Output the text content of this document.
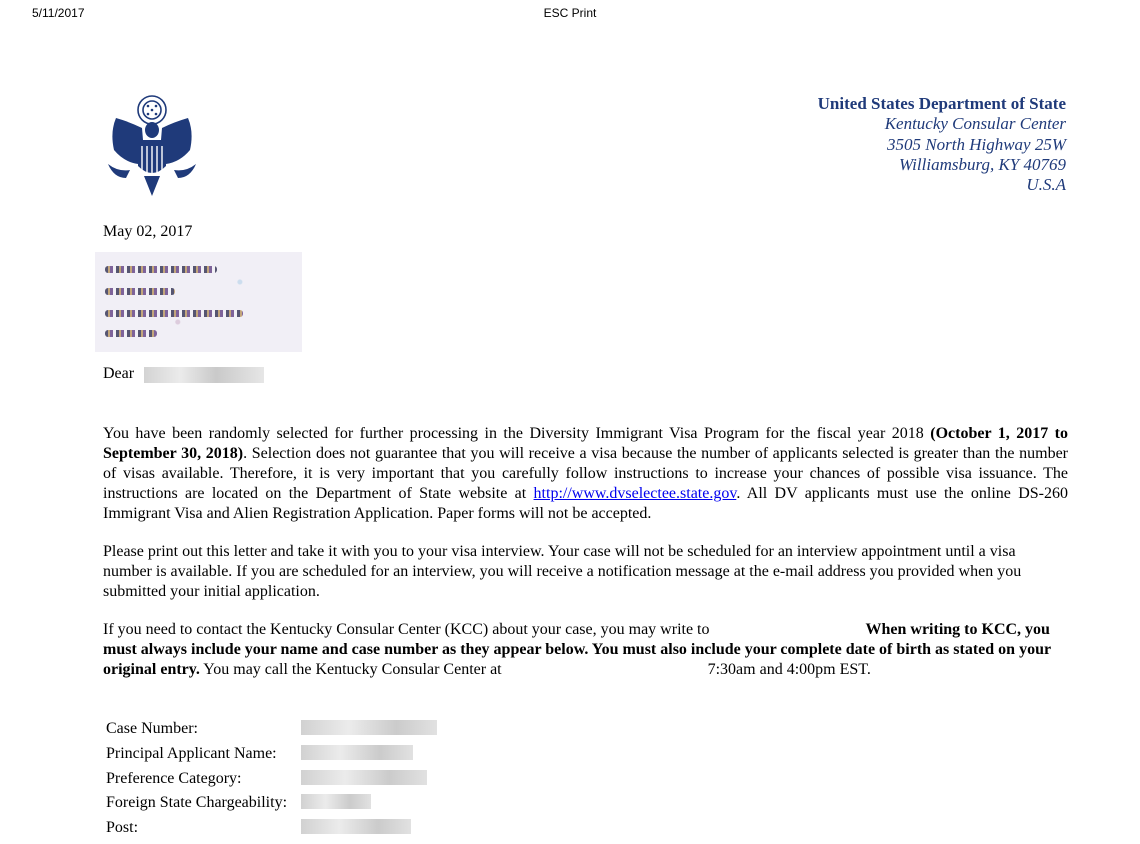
5/11/2017	ESC Print
United States Department of State
Kentucky Consular Center
3505 North Highway 25W
Williamsburg, KY 40769
U.S.A
May 02, 2017
Dear
You have been randomly selected for further processing in the Diversity Immigrant Visa Program for the fiscal year 2018 (October 1, 2017 to September 30, 2018). Selection does not guarantee that you will receive a visa because the number of applicants selected is greater than the number of visas available. Therefore, it is very important that you carefully follow instructions to increase your chances of possible visa issuance. The instructions are located on the Department of State website at http://www.dvselectee.state.gov. All DV applicants must use the online DS-260 Immigrant Visa and Alien Registration Application. Paper forms will not be accepted.
Please print out this letter and take it with you to your visa interview. Your case will not be scheduled for an interview appointment until a visa number is available. If you are scheduled for an interview, you will receive a notification message at the e-mail address you provided when you submitted your initial application.
If you need to contact the Kentucky Consular Center (KCC) about your case, you may write to	When writing to KCC, you must always include your name and case number as they appear below. You must also include your complete date of birth as stated on your original entry. You may call the Kentucky Consular Center at	7:30am and 4:00pm EST.
Case Number:	
Principal Applicant Name:	
Preference Category:	
Foreign State Chargeability:	
Post:	
